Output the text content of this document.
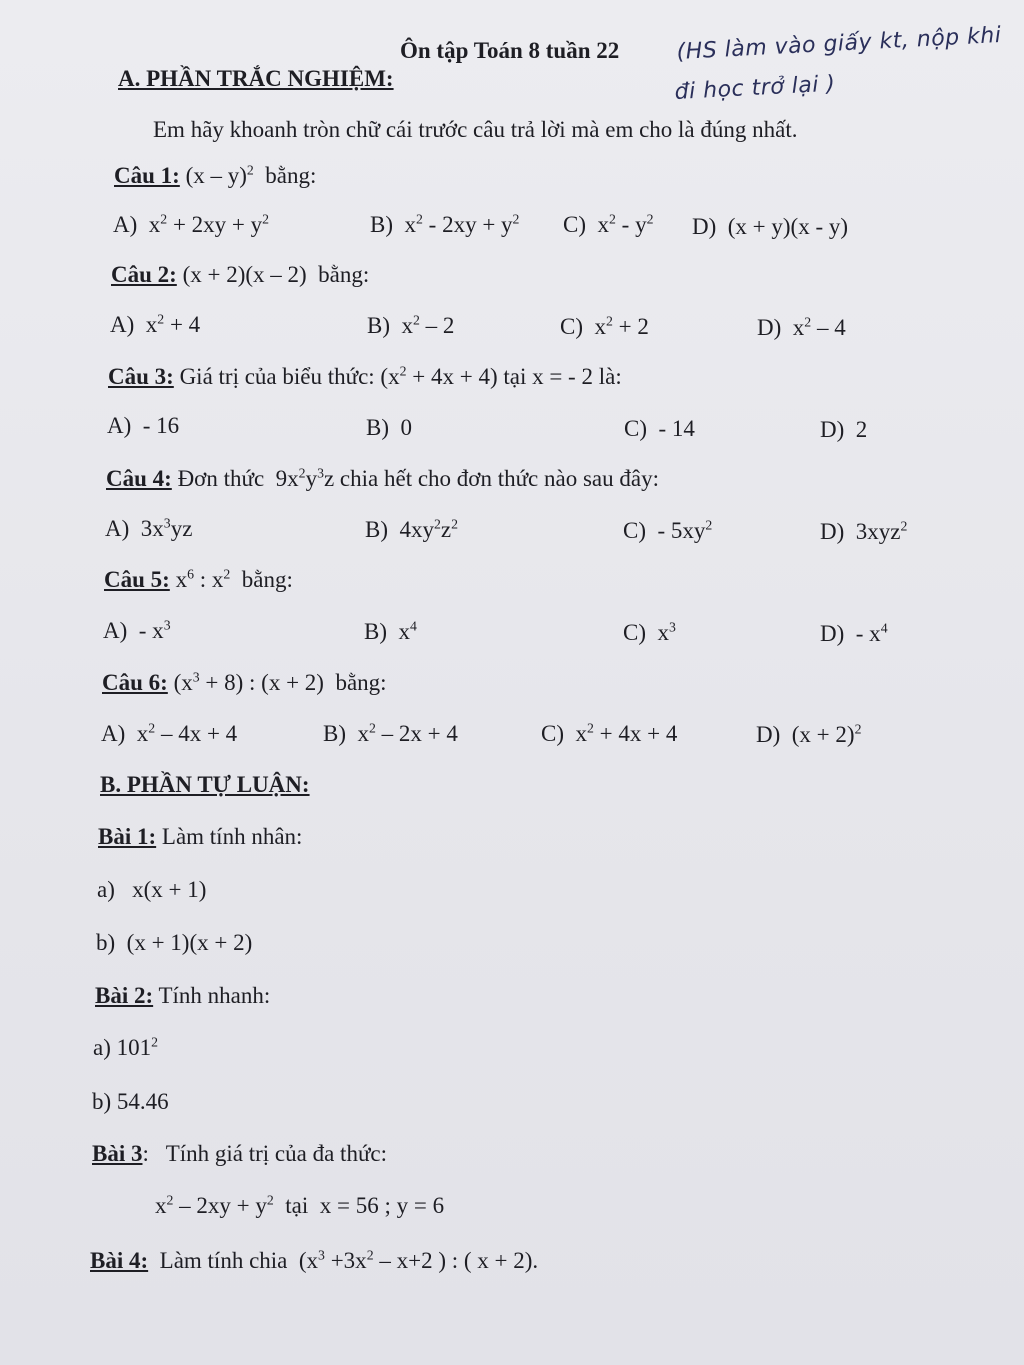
Ôn tập Toán 8 tuần 22	(HS làm vào giấy kt, nộp khi
đi học trở lại )
A. PHẦN TRẮC NGHIỆM:
Em hãy khoanh tròn chữ cái trước câu trả lời mà em cho là đúng nhất.
Câu 1: (x – y)$^2$  bằng:
A)  $x^2 + 2xy + y^2$	B)  $x^2 - 2xy + y^2$ C)  $x^2 - y^2$ D)  (x + y)(x - y)
Câu 2: (x + 2)(x – 2)  bằng:
A)  $x^2 + 4$	B)  $x^2 - 2$	C)  $x^2 + 2$	D)  $x^2 - 4$
Câu 3: Giá trị của biểu thức: $(x^2 + 4x + 4)$ tại x = - 2 là:
A)  - 16	B)  0	C)  - 14	D)  2
Câu 4: Đơn thức  $9x^2y^3z$ chia hết cho đơn thức nào sau đây:
A)  $3x^3yz$	B)  $4xy^2z^2$	$C) - 5xy^2$	D)  3xyz$^2$
Câu 5: $x^6$ : $x^2$  bằng:
$A) - x^3$	B)  $x^4$	C)  $x^3$	$D) - x^4$
Câu 6: $(x^3 + 8)$ : (x + 2)  bằng:
A)  $x^2 - 4x + 4$	B)  $x^2 - 2x + 4$	C)  $x^2 + 4x + 4$	D)  $(x + 2)^2$
B. PHẦN TỰ LUẬN:
Bài 1: Làm tính nhân:
a)   x(x + 1)
b)  (x + 1)(x + 2)
Bài 2: Tính nhanh:
a) $101^2$
b) 54.46
Bài 3:   Tính giá trị của đa thức:
$x^2 - 2xy + y^2$  tại  x = 56 ; y = 6
Bài 4:  Làm tính chia  ($x^3 +3x^2 - x+2$ ) : ( x + 2).
